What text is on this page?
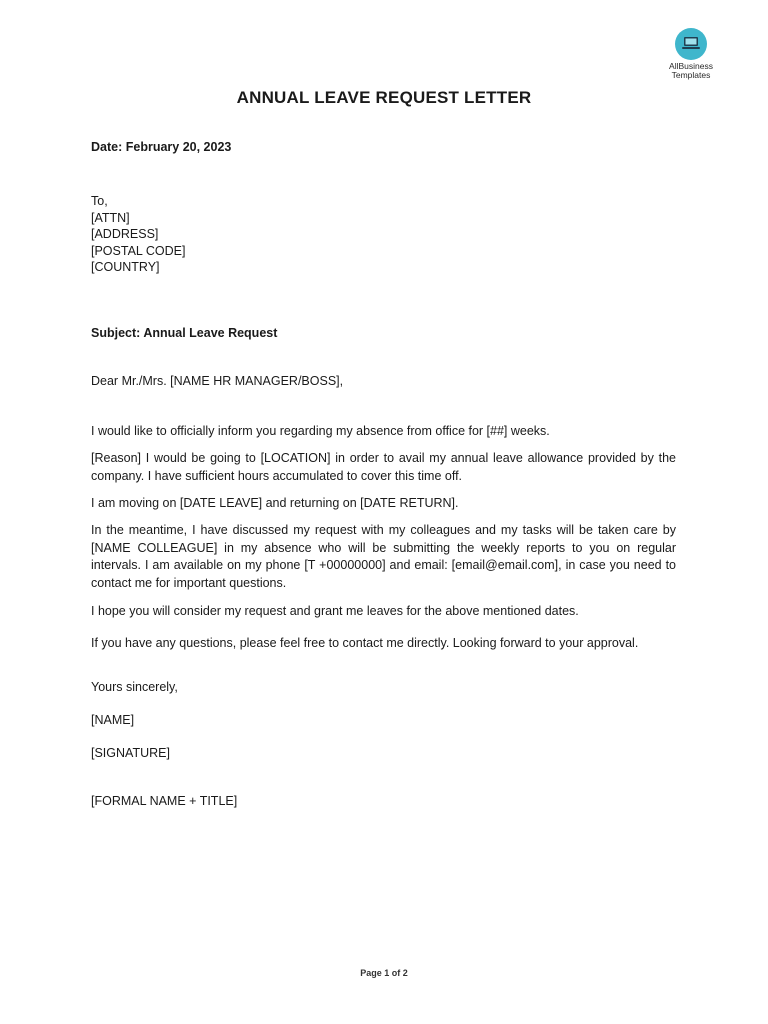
AllBusiness
Templates
ANNUAL LEAVE REQUEST LETTER
Date: February 20, 2023
To,
[ATTN]
[ADDRESS]
[POSTAL CODE]
[COUNTRY]
Subject: Annual Leave Request
Dear Mr./Mrs. [NAME HR MANAGER/BOSS],
I would like to officially inform you regarding my absence from office for [##] weeks.
[Reason] I would be going to [LOCATION] in order to avail my annual leave allowance provided by the company. I have sufficient hours accumulated to cover this time off.
I am moving on [DATE LEAVE] and returning on [DATE RETURN].
In the meantime, I have discussed my request with my colleagues and my tasks will be taken care by [NAME COLLEAGUE] in my absence who will be submitting the weekly reports to you on regular intervals. I am available on my phone [T +00000000] and email: [email@email.com], in case you need to contact me for important questions.
I hope you will consider my request and grant me leaves for the above mentioned dates.
If you have any questions, please feel free to contact me directly. Looking forward to your approval.
Yours sincerely,
[NAME]
[SIGNATURE]
[FORMAL NAME + TITLE]
Page 1 of 2
